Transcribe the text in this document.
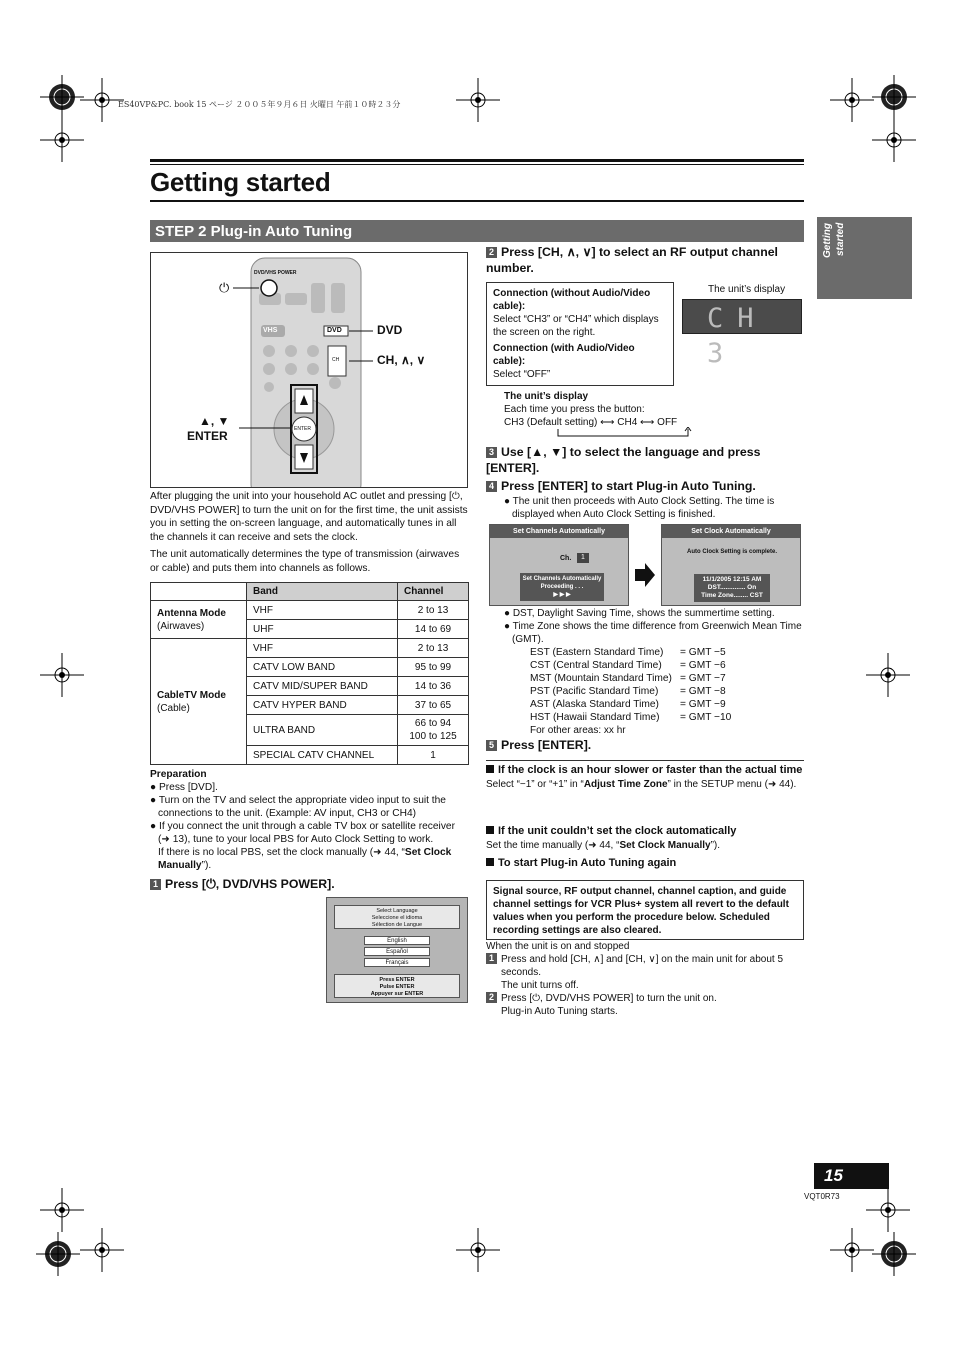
ES40VP&PC. book 15 ページ ２００５年９月６日 火曜日 午前１０時２３分
Getting started
STEP 2 Plug-in Auto Tuning	Getting started
DVD/VHS POWER
VHS	DVD
CH
ENTER
⏻
DVD
CH, ∧, ∨
▲, ▼
ENTER
After plugging the unit into your household AC outlet and pressing [⏻, DVD/VHS POWER] to turn the unit on for the first time, the unit assists you in setting the on-screen language, and automatically tunes in all the channels it can receive and sets the clock.
The unit automatically determines the type of transmission (airwaves or cable) and puts them into channels as follows.
	Band	Channel
Antenna Mode
(Airwaves)	VHF	2 to 13
	UHF	14 to 69
CableTV Mode
(Cable)	VHF	2 to 13
	CATV LOW BAND	95 to 99
	CATV MID/SUPER BAND	14 to 36
	CATV HYPER BAND	37 to 65
	ULTRA BAND	66 to 94
100 to 125
	SPECIAL CATV CHANNEL	1
Preparation
● Press [DVD].
● Turn on the TV and select the appropriate video input to suit the connections to the unit. (Example: AV input, CH3 or CH4)
● If you connect the unit through a cable TV box or satellite receiver (➜ 13), tune to your local PBS for Auto Clock Setting to work.
If there is no local PBS, set the clock manually (➜ 44, “Set Clock Manually”).
1 Press [⏻, DVD/VHS POWER].
Select Language
Seleccione el idioma
Sélection de Langue
English
Español
Français
Press ENTER
Pulse ENTER
Appuyer sur ENTER
2 Press [CH, ∧, ∨] to select an RF output channel number.
Connection (without Audio/Video cable):
Select “CH3” or “CH4” which displays the screen on the right.
Connection (with Audio/Video cable):
Select “OFF”
The unit’s display
CH 3
The unit’s display
Each time you press the button:
CH3 (Default setting) ⟷ CH4 ⟷ OFF
3 Use [▲, ▼] to select the language and press [ENTER].
4 Press [ENTER] to start Plug-in Auto Tuning.
● The unit then proceeds with Auto Clock Setting. The time is displayed when Auto Clock Setting is finished.
Set Channels Automatically
Ch.	1
Set Channels Automatically
Proceeding . . .
▶ ▶ ▶
Set Clock Automatically
Auto Clock Setting is complete.
11/1/2005 12:15 AM
DST.............. On
Time Zone........ CST
● DST, Daylight Saving Time, shows the summertime setting.
● Time Zone shows the time difference from Greenwich Mean Time (GMT).
EST (Eastern Standard Time)	= GMT −5
CST (Central Standard Time)	= GMT −6
MST (Mountain Standard Time) = GMT −7
PST (Pacific Standard Time)	= GMT −8
AST (Alaska Standard Time)	= GMT −9
HST (Hawaii Standard Time)	= GMT −10
For other areas: xx hr
5 Press [ENTER].
If the clock is an hour slower or faster than the actual time
Select “−1” or “+1” in “Adjust Time Zone” in the SETUP menu (➜ 44).
If the unit couldn’t set the clock automatically
Set the time manually (➜ 44, “Set Clock Manually”).
To start Plug-in Auto Tuning again
Signal source, RF output channel, channel caption, and guide channel settings for VCR Plus+ system all revert to the default values when you perform the procedure below. Scheduled recording settings are also cleared.
When the unit is on and stopped
1 Press and hold [CH, ∧] and [CH, ∨] on the main unit for about 5 seconds.
The unit turns off.
2 Press [⏻, DVD/VHS POWER] to turn the unit on.
Plug-in Auto Tuning starts.
15
VQT0R73
